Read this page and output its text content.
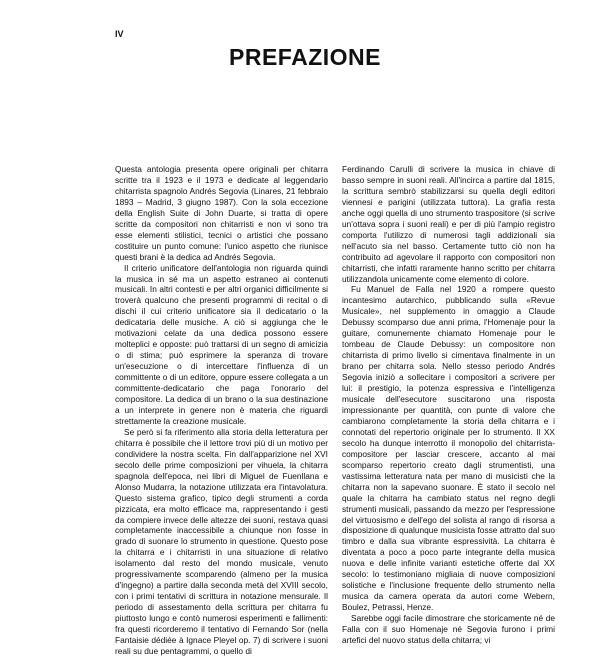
IV
PREFAZIONE

Questa antologia presenta opere originali per chitarra scritte tra il 1923 e il 1973 e dedicate al leggendario chitarrista spagnolo Andrés Segovia (Linares, 21 febbraio 1893 – Madrid, 3 giugno 1987). Con la sola eccezione della English Suite di John Duarte, si tratta di opere scritte da compositori non chitarristi e non vi sono tra esse elementi stilistici, tecnici o artistici che possano costituire un punto comune: l'unico aspetto che riunisce questi brani è la dedica ad Andrés Segovia.

Il criterio unificatore dell'antologia non riguarda quindi la musica in sé ma un aspetto estraneo ai contenuti musicali. In altri contesti e per altri organici difficilmente si troverà qualcuno che presenti programmi di recital o di dischi il cui criterio unificatore sia il dedicatario o la dedicataria delle musiche. A ciò si aggiunga che le motivazioni celate da una dedica possono essere molteplici e opposte: può trattarsi di un segno di amicizia o di stima; può esprimere la speranza di trovare un'esecuzione o di intercettare l'influenza di un committente o di un editore, oppure essere collegata a un committente-dedicatario che paga l'onorario del compositore. La dedica di un brano o la sua destinazione a un interprete in genere non è materia che riguardi strettamente la creazione musicale.

Se però si fa riferimento alla storia della letteratura per chitarra è possibile che il lettore trovi più di un motivo per condividere la nostra scelta. Fin dall'apparizione nel XVI secolo delle prime composizioni per vihuela, la chitarra spagnola dell'epoca, nei libri di Miguel de Fuenllana e Alonso Mudarra, la notazione utilizzata era l'intavolatura. Questo sistema grafico, tipico degli strumenti a corda pizzicata, era molto efficace ma, rappresentando i gesti da compiere invece delle altezze dei suoni, restava quasi completamente inaccessibile a chiunque non fosse in grado di suonare lo strumento in questione. Questo pose la chitarra e i chitarristi in una situazione di relativo isolamento dal resto del mondo musicale, venuto progressivamente scomparendo (almeno per la musica d'ingegno) a partire dalla seconda metà del XVIII secolo, con i primi tentativi di scrittura in notazione mensurale. Il periodo di assestamento della scrittura per chitarra fu piuttosto lungo e contò numerosi esperimenti e fallimenti: fra questi ricorderemo il tentativo di Fernando Sor (nella Fantaisie dédiée à Ignace Pleyel op. 7) di scrivere i suoni reali su due pentagrammi, o quello di

Ferdinando Carulli di scrivere la musica in chiave di basso sempre in suoni reali. All'incirca a partire dal 1815, la scrittura sembrò stabilizzarsi su quella degli editori viennesi e parigini (utilizzata tuttora). La grafia resta anche oggi quella di uno strumento traspositore (si scrive un'ottava sopra i suoni reali) e per di più l'ampio registro comporta l'utilizzo di numerosi tagli addizionali sia nell'acuto sia nel basso. Certamente tutto ciò non ha contribuito ad agevolare il rapporto con compositori non chitarristi, che infatti raramente hanno scritto per chitarra utilizzandola unicamente come elemento di colore.

Fu Manuel de Falla nel 1920 a rompere questo incantesimo autarchico, pubblicando sulla «Revue Musicale», nel supplemento in omaggio a Claude Debussy scomparso due anni prima, l'Homenaje pour la guitare, comunemente chiamato Homenaje pour le tombeau de Claude Debussy: un compositore non chitarrista di primo livello si cimentava finalmente in un brano per chitarra sola. Nello stesso periodo Andrés Segovia iniziò a sollecitare i compositori a scrivere per lui: il prestigio, la potenza espressiva e l'intelligenza musicale dell'esecutore suscitarono una risposta impressionante per quantità, con punte di valore che cambiarono completamente la storia della chitarra e i connotati del repertorio originale per lo strumento. Il XX secolo ha dunque interrotto il monopolio del chitarrista-compositore per lasciar crescere, accanto al mai scomparso repertorio creato dagli strumentisti, una vastissima letteratura nata per mano di musicisti che la chitarra non la sapevano suonare. È stato il secolo nel quale la chitarra ha cambiato status nel regno degli strumenti musicali, passando da mezzo per l'espressione del virtuosismo e dell'ego del solista al rango di risorsa a disposizione di qualunque musicista fosse attratto dal suo timbro e dalla sua vibrante espressività. La chitarra è diventata a poco a poco parte integrante della musica nuova e delle infinite varianti estetiche offerte dal XX secolo: lo testimoniano migliaia di nuove composizioni solistiche e l'inclusione frequente dello strumento nella musica da camera operata da autori come Webern, Boulez, Petrassi, Henze.

Sarebbe oggi facile dimostrare che storicamente né de Falla con il suo Homenaje né Segovia furono i primi artefici del nuovo status della chitarra; vi
